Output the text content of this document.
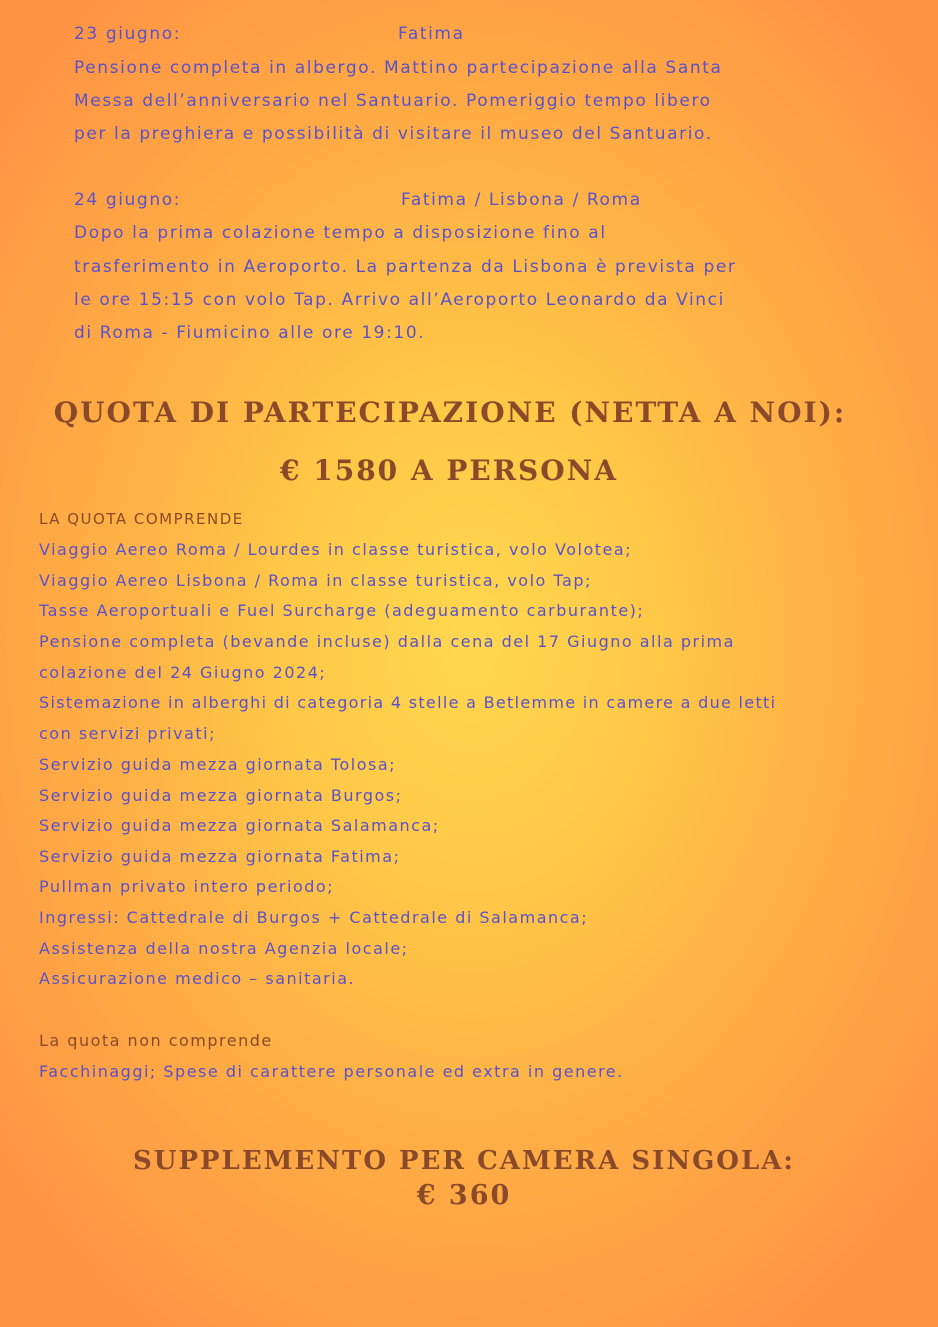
23 giugno:	Fatima
Pensione completa in albergo. Mattino partecipazione alla Santa
Messa dell’anniversario nel Santuario. Pomeriggio tempo libero
per la preghiera e possibilità di visitare il museo del Santuario.
24 giugno:	Fatima / Lisbona / Roma
Dopo la prima colazione tempo a disposizione fino al
trasferimento in Aeroporto. La partenza da Lisbona è prevista per
le ore 15:15 con volo Tap. Arrivo all’Aeroporto Leonardo da Vinci
di Roma - Fiumicino alle ore 19:10.
QUOTA DI PARTECIPAZIONE (NETTA A NOI):
€ 1580 A PERSONA
LA QUOTA COMPRENDE
Viaggio Aereo Roma / Lourdes in classe turistica, volo Volotea;
Viaggio Aereo Lisbona / Roma in classe turistica, volo Tap;
Tasse Aeroportuali e Fuel Surcharge (adeguamento carburante);
Pensione completa (bevande incluse) dalla cena del 17 Giugno alla prima
colazione del 24 Giugno 2024;
Sistemazione in alberghi di categoria 4 stelle a Betlemme in camere a due letti
con servizi privati;
Servizio guida mezza giornata Tolosa;
Servizio guida mezza giornata Burgos;
Servizio guida mezza giornata Salamanca;
Servizio guida mezza giornata Fatima;
Pullman privato intero periodo;
Ingressi: Cattedrale di Burgos + Cattedrale di Salamanca;
Assistenza della nostra Agenzia locale;
Assicurazione medico – sanitaria.
La quota non comprende
Facchinaggi; Spese di carattere personale ed extra in genere.
SUPPLEMENTO PER CAMERA SINGOLA:
€ 360
